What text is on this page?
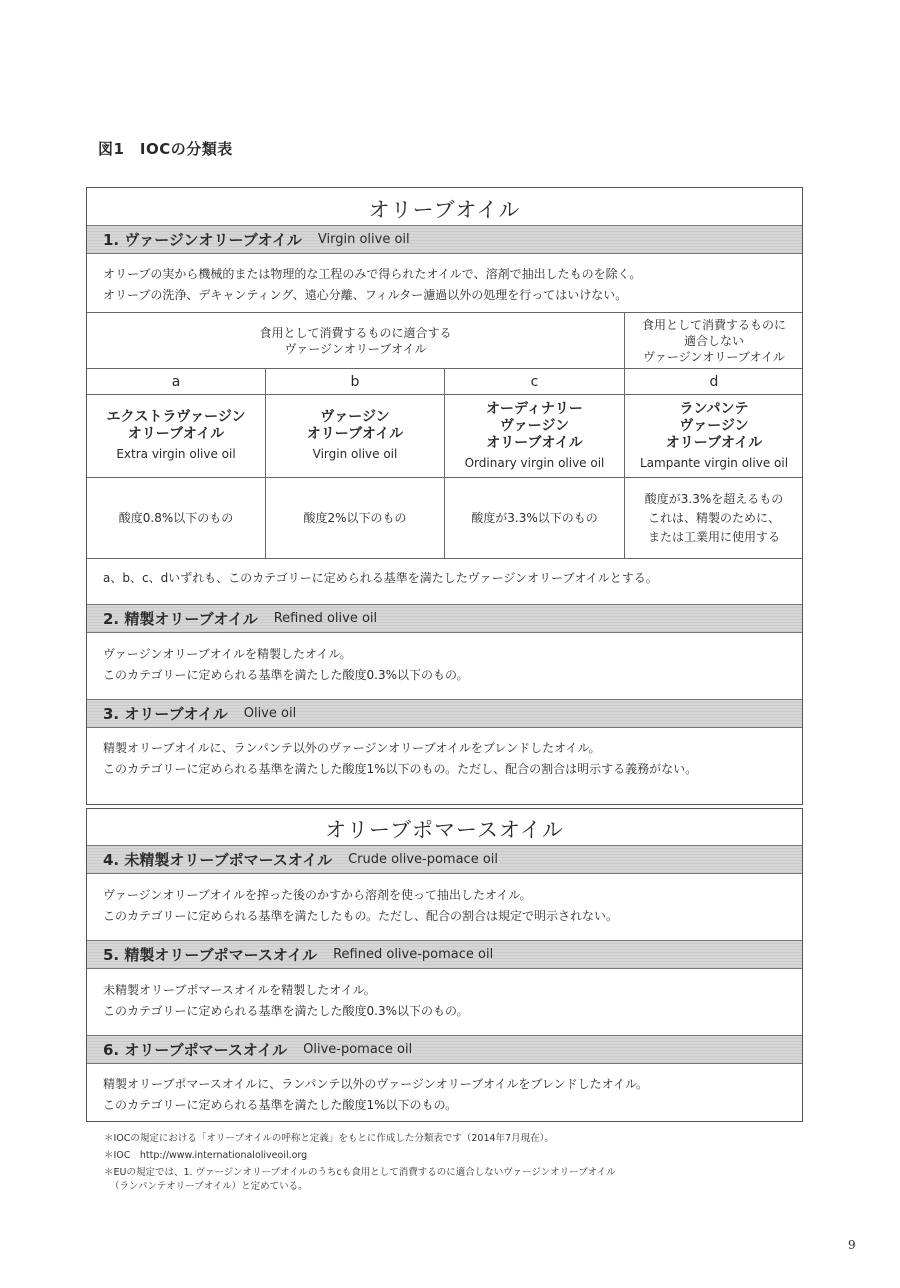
図1　IOCの分類表
オリーブオイル
1. ヴァージンオリーブオイル Virgin olive oil
オリーブの実から機械的または物理的な工程のみで得られたオイルで、溶剤で抽出したものを除く。
オリーブの洗浄、デキャンティング、遠心分離、フィルター濾過以外の処理を行ってはいけない。
食用として消費するものに適合する
ヴァージンオリーブオイル
食用として消費するものに
適合しない
ヴァージンオリーブオイル
a
エクストラヴァージン
オリーブオイル
Extra virgin olive oil
酸度0.8%以下のもの
b
ヴァージン
オリーブオイル
Virgin olive oil
酸度2%以下のもの
c
オーディナリー
ヴァージン
オリーブオイル
Ordinary virgin olive oil
酸度が3.3%以下のもの
d
ランパンテ
ヴァージン
オリーブオイル
Lampante virgin olive oil
酸度が3.3%を超えるもの
これは、精製のために、
または工業用に使用する
a、b、c、dいずれも、このカテゴリーに定められる基準を満たしたヴァージンオリーブオイルとする。
2. 精製オリーブオイル Refined olive oil
ヴァージンオリーブオイルを精製したオイル。
このカテゴリーに定められる基準を満たした酸度0.3%以下のもの。
3. オリーブオイル Olive oil
精製オリーブオイルに、ランパンテ以外のヴァージンオリーブオイルをブレンドしたオイル。
このカテゴリーに定められる基準を満たした酸度1%以下のもの。ただし、配合の割合は明示する義務がない。
オリーブポマースオイル
4. 未精製オリーブポマースオイル Crude olive-pomace oil
ヴァージンオリーブオイルを搾った後のかすから溶剤を使って抽出したオイル。
このカテゴリーに定められる基準を満たしたもの。ただし、配合の割合は規定で明示されない。
5. 精製オリーブポマースオイル Refined olive-pomace oil
未精製オリーブポマースオイルを精製したオイル。
このカテゴリーに定められる基準を満たした酸度0.3%以下のもの。
6. オリーブポマースオイル Olive-pomace oil
精製オリーブポマースオイルに、ランパンテ以外のヴァージンオリーブオイルをブレンドしたオイル。
このカテゴリーに定められる基準を満たした酸度1%以下のもの。
＊IOCの規定における「オリーブオイルの呼称と定義」をもとに作成した分類表です（2014年7月現在）。
＊IOC　http://www.internationaloliveoil.org
＊EUの規定では、1. ヴァージンオリーブオイルのうちcも食用として消費するのに適合しないヴァージンオリーブオイル
（ランパンテオリーブオイル）と定めている。
9
